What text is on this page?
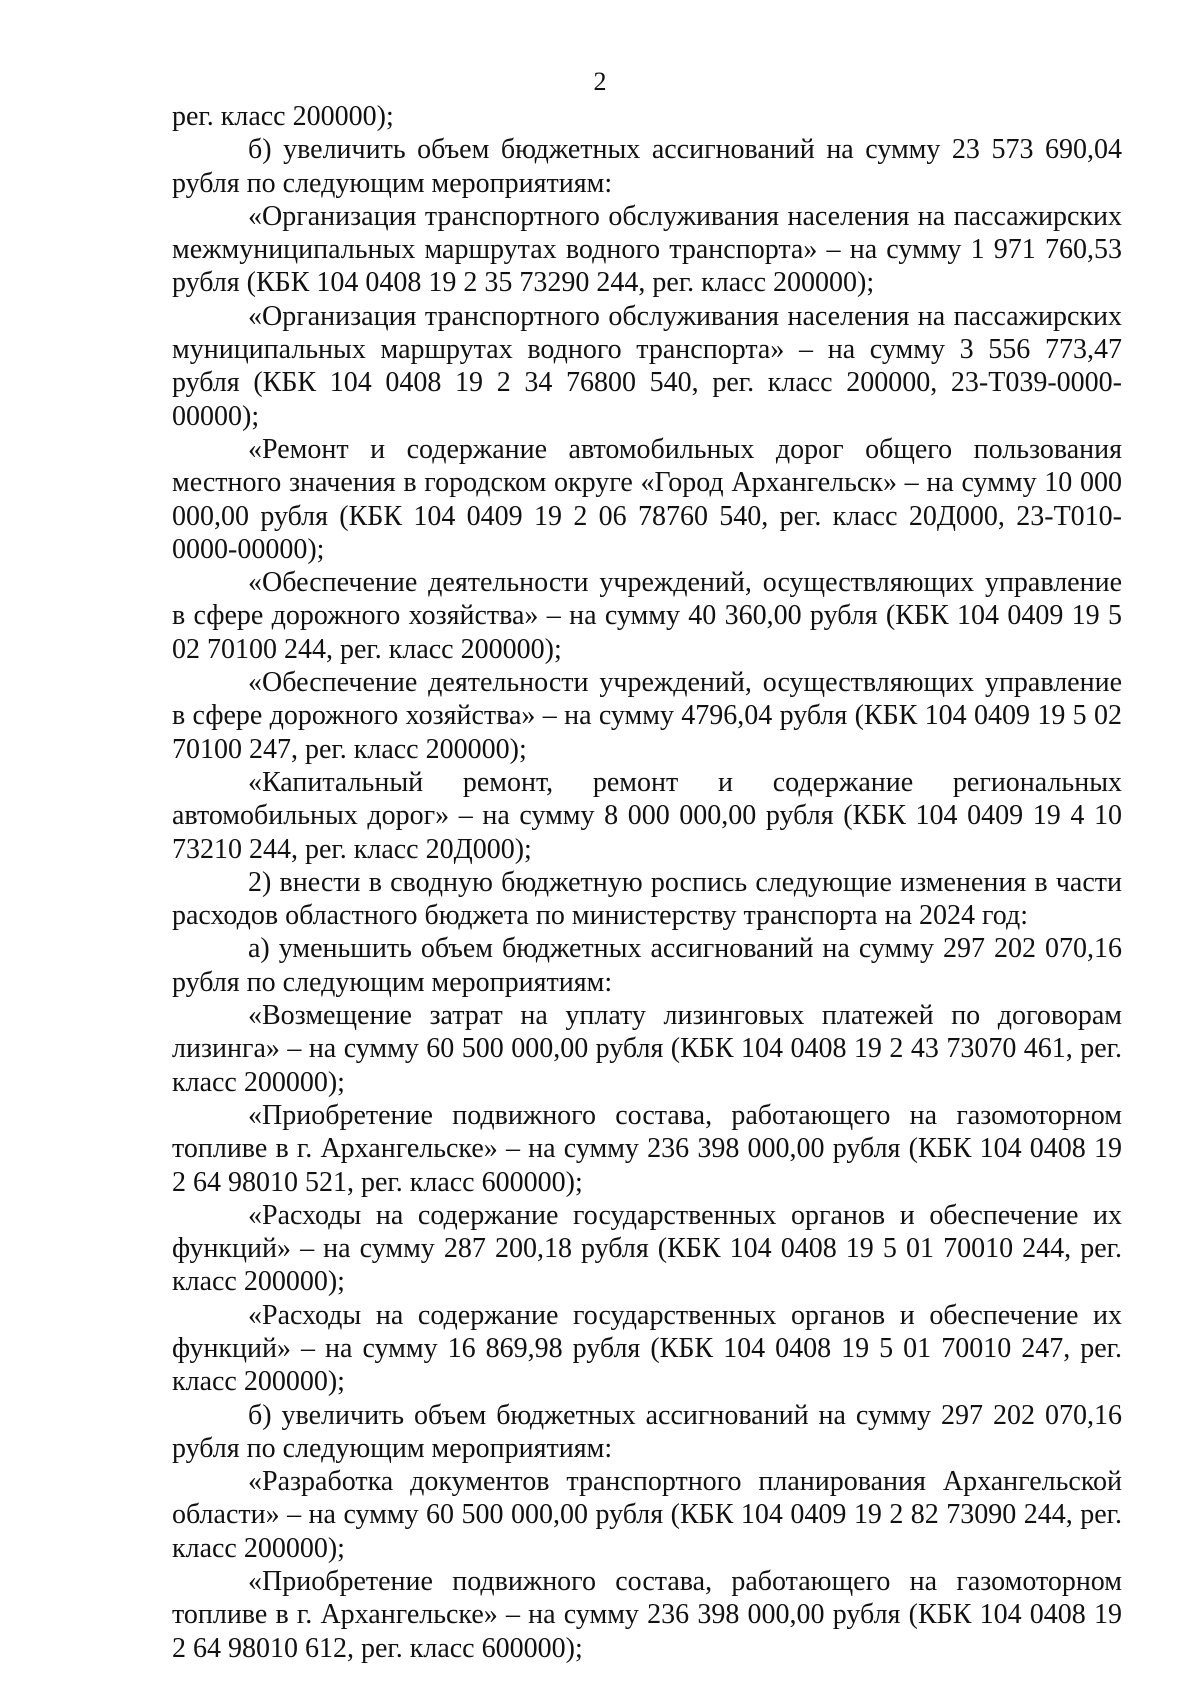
2

рег. класс 200000);

б) увеличить объем бюджетных ассигнований на сумму 23 573 690,04 рубля по следующим мероприятиям:

«Организация транспортного обслуживания населения на пассажирских межмуниципальных маршрутах водного транспорта» – на сумму 1 971 760,53 рубля (КБК 104 0408 19 2 35 73290 244, рег. класс 200000);

«Организация транспортного обслуживания населения на пассажирских муниципальных маршрутах водного транспорта» – на сумму 3 556 773,47 рубля (КБК 104 0408 19 2 34 76800 540, рег. класс 200000, 23-Т039-0000-00000);

«Ремонт и содержание автомобильных дорог общего пользования местного значения в городском округе «Город Архангельск» – на сумму 10 000 000,00 рубля (КБК 104 0409 19 2 06 78760 540, рег. класс 20Д000, 23-Т010-0000-00000);

«Обеспечение деятельности учреждений, осуществляющих управление в сфере дорожного хозяйства» – на сумму 40 360,00 рубля (КБК 104 0409 19 5 02 70100 244, рег. класс 200000);

«Обеспечение деятельности учреждений, осуществляющих управление в сфере дорожного хозяйства» – на сумму 4796,04 рубля (КБК 104 0409 19 5 02 70100 247, рег. класс 200000);

«Капитальный ремонт, ремонт и содержание региональных автомобильных дорог» – на сумму 8 000 000,00 рубля (КБК 104 0409 19 4 10 73210 244, рег. класс 20Д000);

2) внести в сводную бюджетную роспись следующие изменения в части расходов областного бюджета по министерству транспорта на 2024 год:

а) уменьшить объем бюджетных ассигнований на сумму 297 202 070,16 рубля по следующим мероприятиям:

«Возмещение затрат на уплату лизинговых платежей по договорам лизинга» – на сумму 60 500 000,00 рубля (КБК 104 0408 19 2 43 73070 461, рег. класс 200000);

«Приобретение подвижного состава, работающего на газомоторном топливе в г. Архангельске» – на сумму 236 398 000,00 рубля (КБК 104 0408 19 2 64 98010 521, рег. класс 600000);

«Расходы на содержание государственных органов и обеспечение их функций» – на сумму 287 200,18 рубля (КБК 104 0408 19 5 01 70010 244, рег. класс 200000);

«Расходы на содержание государственных органов и обеспечение их функций» – на сумму 16 869,98 рубля (КБК 104 0408 19 5 01 70010 247, рег. класс 200000);

б) увеличить объем бюджетных ассигнований на сумму 297 202 070,16 рубля по следующим мероприятиям:

«Разработка документов транспортного планирования Архангельской области» – на сумму 60 500 000,00 рубля (КБК 104 0409 19 2 82 73090 244, рег. класс 200000);

«Приобретение подвижного состава, работающего на газомоторном топливе в г. Архангельске» – на сумму 236 398 000,00 рубля (КБК 104 0408 19 2 64 98010 612, рег. класс 600000);
